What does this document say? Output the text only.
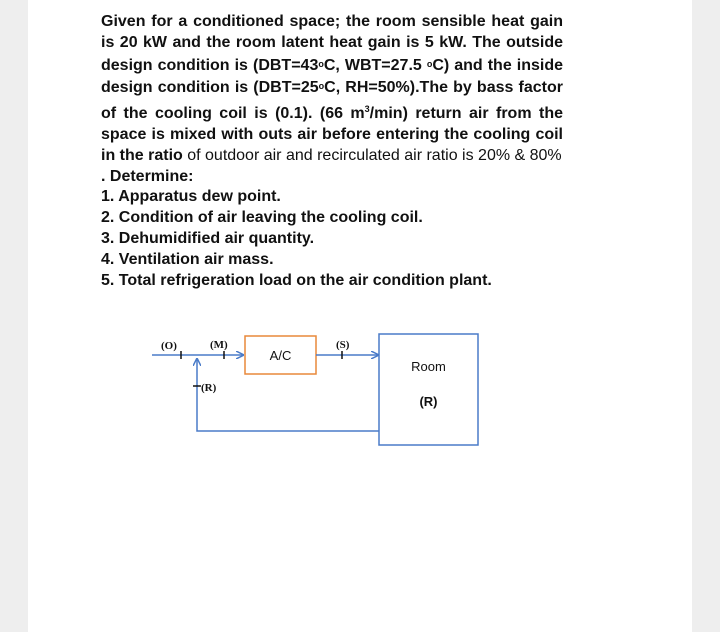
Given for a conditioned space; the room sensible heat gain is 20 kW and the room latent heat gain is 5 kW. The outside design condition is (DBT=43oC, WBT=27.5 oC) and the inside design condition is (DBT=25oC, RH=50%).The by bass factor of the cooling coil is (0.1). (66 $m^3/\min$) return air from the space is mixed with outs air before entering the cooling coil in the ratio of outdoor air and recirculated air ratio is 20% & 80%

. Determine:

1. Apparatus dew point.
2. Condition of air leaving the cooling coil.
3. Dehumidified air quantity.
4. Ventilation air mass.
5. Total refrigeration load on the air condition plant.
A/C
Room
(R)
(O)	(M)	(S)
(R)
